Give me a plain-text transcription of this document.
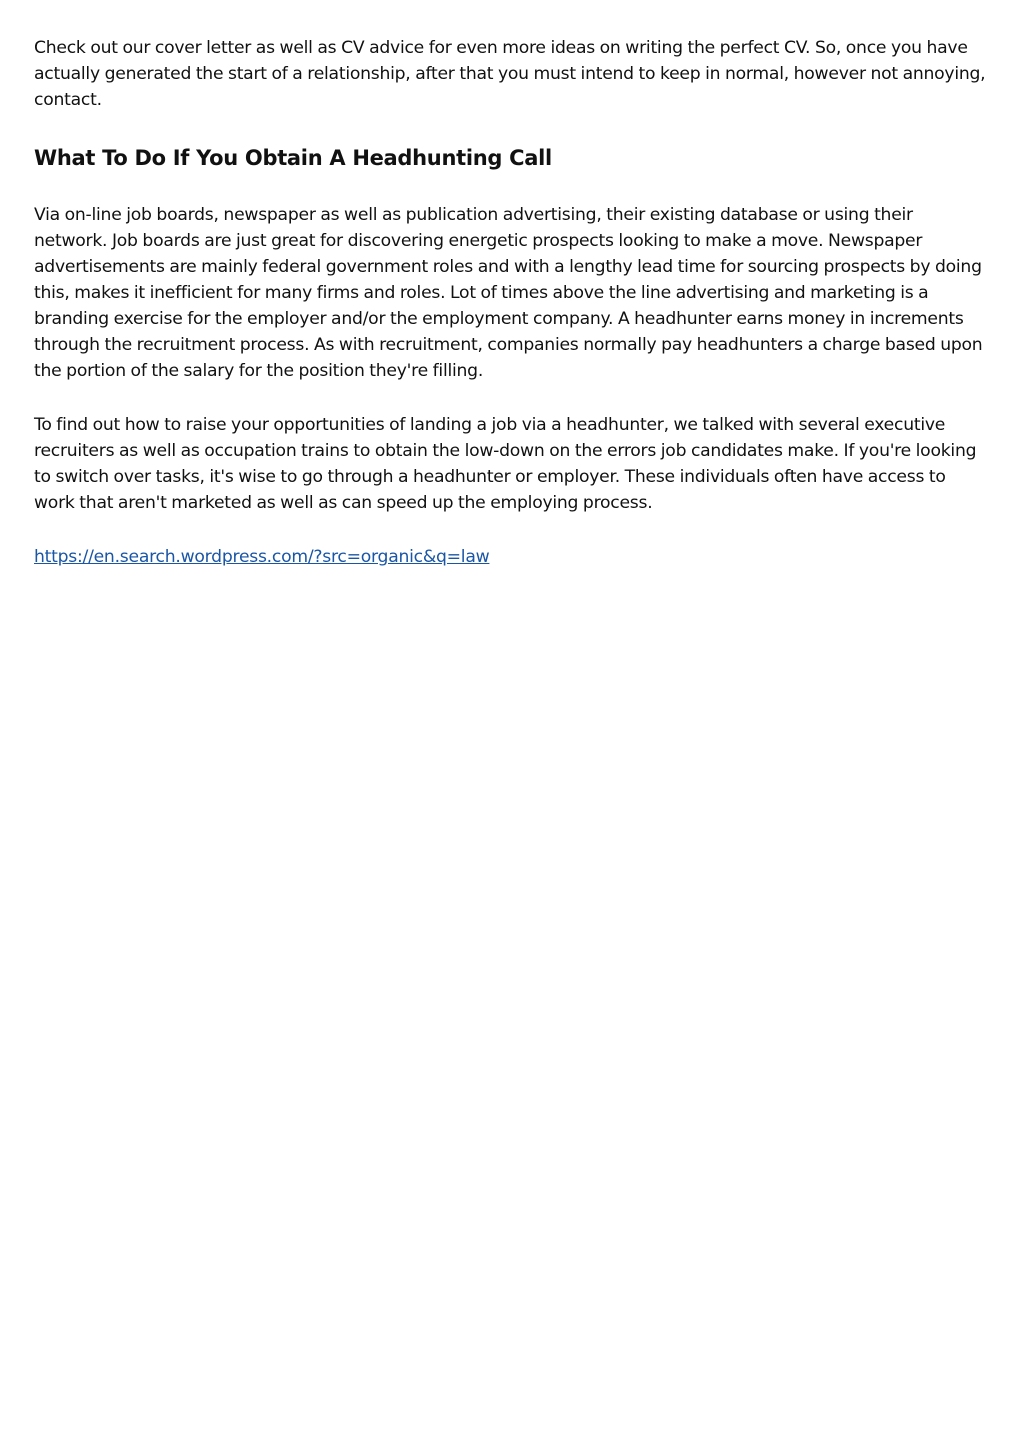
Check out our cover letter as well as CV advice for even more ideas on writing the perfect CV. So, once you have actually generated the start of a relationship, after that you must intend to keep in normal, however not annoying, contact.

What To Do If You Obtain A Headhunting Call

Via on-line job boards, newspaper as well as publication advertising, their existing database or using their network. Job boards are just great for discovering energetic prospects looking to make a move. Newspaper advertisements are mainly federal government roles and with a lengthy lead time for sourcing prospects by doing this, makes it inefficient for many firms and roles. Lot of times above the line advertising and marketing is a branding exercise for the employer and/or the employment company. A headhunter earns money in increments through the recruitment process. As with recruitment, companies normally pay headhunters a charge based upon the portion of the salary for the position they're filling.

To find out how to raise your opportunities of landing a job via a headhunter, we talked with several executive recruiters as well as occupation trains to obtain the low-down on the errors job candidates make. If you're looking to switch over tasks, it's wise to go through a headhunter or employer. These individuals often have access to work that aren't marketed as well as can speed up the employing process.

https://en.search.wordpress.com/?src=organic&q=law
